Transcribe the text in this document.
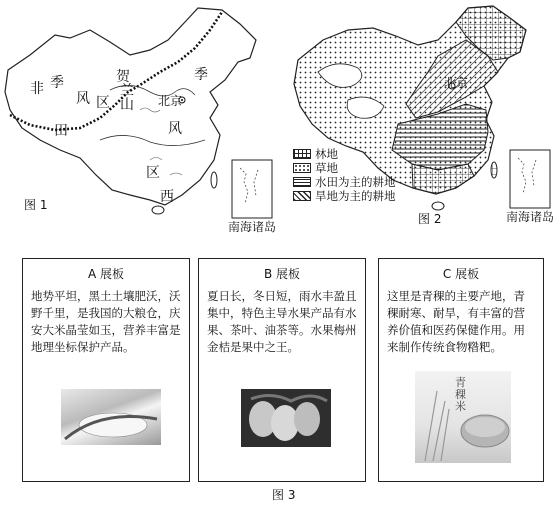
非 季
风 区
田
贺
兰
山 北京
季
风
区
西
图 1
南海诸岛
北京
林地
草地
水田为主的耕地
旱地为主的耕地
图 2	南海诸岛
A 展板
地势平坦，黑土土壤肥沃，沃野千里，是我国的大粮仓，庆安大米晶莹如玉，营养丰富是地理坐标保护产品。
B 展板
夏日长，冬日短，雨水丰盈且集中，特色主导水果产品有水果、茶叶、油茶等。水果梅州金桔是果中之王。
C 展板
这里是青稞的主要产地，青稞耐寒、耐旱，有丰富的营养价值和医药保健作用。用来制作传统食物糌粑。
青稞米
图 3
